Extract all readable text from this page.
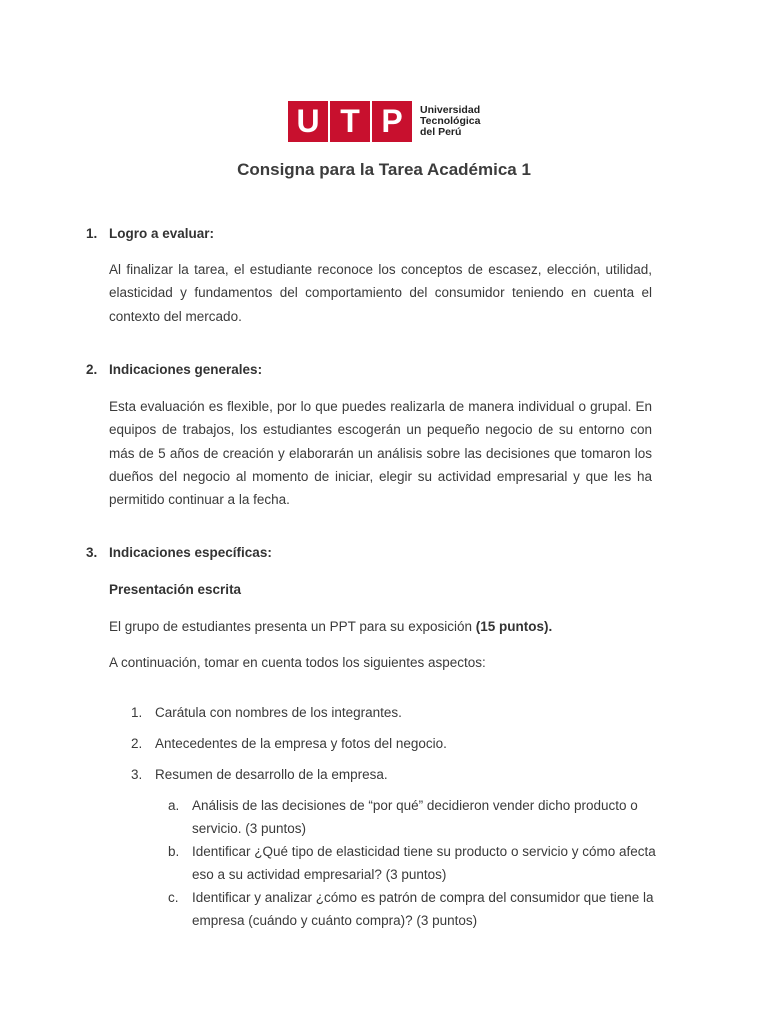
U T P	Universidad
Tecnológica
del Perú
Consigna para la Tarea Académica 1
1. Logro a evaluar:
Al finalizar la tarea, el estudiante reconoce los conceptos de escasez, elección, utilidad, elasticidad y fundamentos del comportamiento del consumidor teniendo en cuenta el contexto del mercado.
2. Indicaciones generales:
Esta evaluación es flexible, por lo que puedes realizarla de manera individual o grupal. En equipos de trabajos, los estudiantes escogerán un pequeño negocio de su entorno con más de 5 años de creación y elaborarán un análisis sobre las decisiones que tomaron los dueños del negocio al momento de iniciar, elegir su actividad empresarial y que les ha permitido continuar a la fecha.
3. Indicaciones específicas:
Presentación escrita
El grupo de estudiantes presenta un PPT para su exposición (15 puntos).
A continuación, tomar en cuenta todos los siguientes aspectos:
1. Carátula con nombres de los integrantes.
2. Antecedentes de la empresa y fotos del negocio.
3. Resumen de desarrollo de la empresa.
a. Análisis de las decisiones de “por qué” decidieron vender dicho producto o servicio. (3 puntos)
b. Identificar ¿Qué tipo de elasticidad tiene su producto o servicio y cómo afecta eso a su actividad empresarial? (3 puntos)
c. Identificar y analizar ¿cómo es patrón de compra del consumidor que tiene la empresa (cuándo y cuánto compra)? (3 puntos)
